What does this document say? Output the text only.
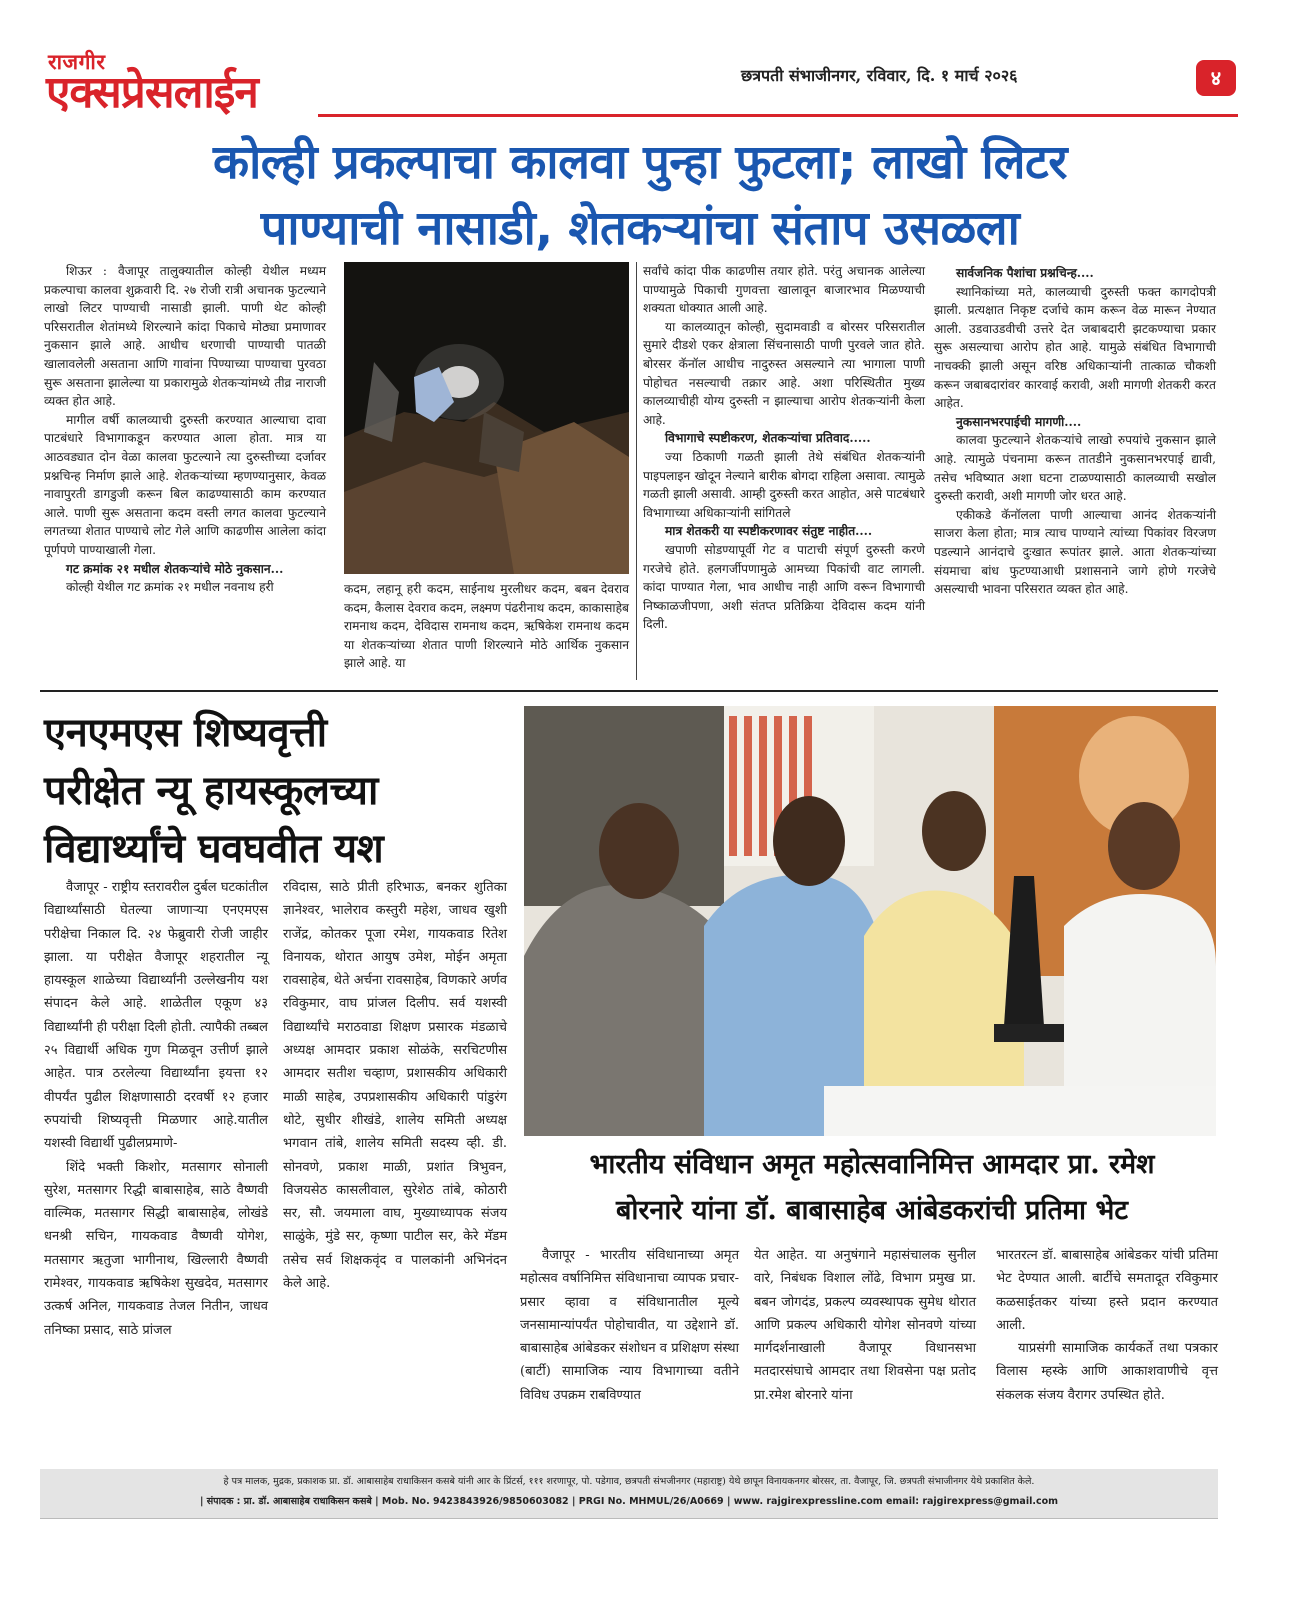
राजगीर
एक्सप्रेसलाईन	छत्रपती संभाजीनगर, रविवार, दि. १ मार्च २०२६	४
कोल्ही प्रकल्पाचा कालवा पुन्हा फुटला; लाखो लिटर
पाण्याची नासाडी, शेतकऱ्यांचा संताप उसळला

शिऊर : वैजापूर तालुक्यातील कोल्ही येथील मध्यम प्रकल्पाचा कालवा शुक्रवारी दि. २७ रोजी रात्री अचानक फुटल्याने लाखो लिटर पाण्याची नासाडी झाली. पाणी थेट कोल्ही परिसरातील शेतांमध्ये शिरल्याने कांदा पिकाचे मोठ्या प्रमाणावर नुकसान झाले आहे. आधीच धरणाची पाण्याची पातळी खालावलेली असताना आणि गावांना पिण्याच्या पाण्याचा पुरवठा सुरू असताना झालेल्या या प्रकारामुळे शेतकऱ्यांमध्ये तीव्र नाराजी व्यक्त होत आहे.

मागील वर्षी कालव्याची दुरुस्ती करण्यात आल्याचा दावा पाटबंधारे विभागाकडून करण्यात आला होता. मात्र या आठवड्यात दोन वेळा कालवा फुटल्याने त्या दुरुस्तीच्या दर्जावर प्रश्नचिन्ह निर्माण झाले आहे. शेतकऱ्यांच्या म्हणण्यानुसार, केवळ नावापुरती डागडुजी करून बिल काढण्यासाठी काम करण्यात आले. पाणी सुरू असताना कदम वस्ती लगत कालवा फुटल्याने लगतच्या शेतात पाण्याचे लोट गेले आणि काढणीस आलेला कांदा पूर्णपणे पाण्याखाली गेला.

गट क्रमांक २१ मधील शेतकऱ्यांचे मोठे नुकसान...

कोल्ही येथील गट क्रमांक २१ मधील नवनाथ हरी	कदम, लहानू हरी कदम, साईनाथ मुरलीधर कदम, बबन देवराव कदम, कैलास देवराव कदम, लक्ष्मण पंढरीनाथ कदम, काकासाहेब रामनाथ कदम, देविदास रामनाथ कदम, ऋषिकेश रामनाथ कदम या शेतकऱ्यांच्या शेतात पाणी शिरल्याने मोठे आर्थिक नुकसान झाले आहे. या

सर्वांचे कांदा पीक काढणीस तयार होते. परंतु अचानक आलेल्या पाण्यामुळे पिकाची गुणवत्ता खालावून बाजारभाव मिळण्याची शक्यता धोक्यात आली आहे.

या कालव्यातून कोल्ही, सुदामवाडी व बोरसर परिसरातील सुमारे दीडशे एकर क्षेत्राला सिंचनासाठी पाणी पुरवले जात होते. बोरसर कॅनॉल आधीच नादुरुस्त असल्याने त्या भागाला पाणी पोहोचत नसल्याची तक्रार आहे. अशा परिस्थितीत मुख्य कालव्याचीही योग्य दुरुस्ती न झाल्याचा आरोप शेतकऱ्यांनी केला आहे.

विभागाचे स्पष्टीकरण, शेतकऱ्यांचा प्रतिवाद.....

ज्या ठिकाणी गळती झाली तेथे संबंधित शेतकऱ्यांनी पाइपलाइन खोदून नेल्याने बारीक बोगदा राहिला असावा. त्यामुळे गळती झाली असावी. आम्ही दुरुस्ती करत आहोत, असे पाटबंधारे विभागाच्या अधिकाऱ्यांनी सांगितले

मात्र शेतकरी या स्पष्टीकरणावर संतुष्ट नाहीत....

खपाणी सोडण्यापूर्वी गेट व पाटाची संपूर्ण दुरुस्ती करणे गरजेचे होते. हलगर्जीपणामुळे आमच्या पिकांची वाट लागली. कांदा पाण्यात गेला, भाव आधीच नाही आणि वरून विभागाची निष्काळजीपणा, अशी संतप्त प्रतिक्रिया देविदास कदम यांनी दिली.

सार्वजनिक पैशांचा प्रश्नचिन्ह....

स्थानिकांच्या मते, कालव्याची दुरुस्ती फक्त कागदोपत्री झाली. प्रत्यक्षात निकृष्ट दर्जाचे काम करून वेळ मारून नेण्यात आली. उडवाउडवीची उत्तरे देत जबाबदारी झटकण्याचा प्रकार सुरू असल्याचा आरोप होत आहे. यामुळे संबंधित विभागाची नाचक्की झाली असून वरिष्ठ अधिकाऱ्यांनी तात्काळ चौकशी करून जबाबदारांवर कारवाई करावी, अशी मागणी शेतकरी करत आहेत.

नुकसानभरपाईची मागणी....

कालवा फुटल्याने शेतकऱ्यांचे लाखो रुपयांचे नुकसान झाले आहे. त्यामुळे पंचनामा करून तातडीने नुकसानभरपाई द्यावी, तसेच भविष्यात अशा घटना टाळण्यासाठी कालव्याची सखोल दुरुस्ती करावी, अशी मागणी जोर धरत आहे.

एकीकडे कॅनॉलला पाणी आल्याचा आनंद शेतकऱ्यांनी साजरा केला होता; मात्र त्याच पाण्याने त्यांच्या पिकांवर विरजण पडल्याने आनंदाचे दुःखात रूपांतर झाले. आता शेतकऱ्यांच्या संयमाचा बांध फुटण्याआधी प्रशासनाने जागे होणे गरजेचे असल्याची भावना परिसरात व्यक्त होत आहे.

एनएमएस शिष्यवृत्ती
परीक्षेत न्यू हायस्कूलच्या
विद्यार्थ्यांचे घवघवीत यश

वैजापूर - राष्ट्रीय स्तरावरील दुर्बल घटकांतील विद्यार्थ्यांसाठी घेतल्या जाणाऱ्या एनएमएस परीक्षेचा निकाल दि. २४ फेब्रुवारी रोजी जाहीर झाला. या परीक्षेत वैजापूर शहरातील न्यू हायस्कूल शाळेच्या विद्यार्थ्यांनी उल्लेखनीय यश संपादन केले आहे. शाळेतील एकूण ४३ विद्यार्थ्यांनी ही परीक्षा दिली होती. त्यापैकी तब्बल २५ विद्यार्थी अधिक गुण मिळवून उत्तीर्ण झाले आहेत. पात्र ठरलेल्या विद्यार्थ्यांना इयत्ता १२ वीपर्यंत पुढील शिक्षणासाठी दरवर्षी १२ हजार रुपयांची शिष्यवृत्ती मिळणार आहे.यातील यशस्वी विद्यार्थी पुढीलप्रमाणे-

शिंदे भक्ती किशोर, मतसागर सोनाली सुरेश, मतसागर रिद्धी बाबासाहेब, साठे वैष्णवी वाल्मिक, मतसागर सिद्धी बाबासाहेब, लोखंडे धनश्री सचिन, गायकवाड वैष्णवी योगेश, मतसागर ऋतुजा भागीनाथ, खिल्लारी वैष्णवी रामेश्वर, गायकवाड ऋषिकेश सुखदेव, मतसागर उत्कर्ष अनिल, गायकवाड तेजल नितीन, जाधव तनिष्का प्रसाद, साठे प्रांजल

रविदास, साठे प्रीती हरिभाऊ, बनकर शुतिका ज्ञानेश्वर, भालेराव कस्तुरी महेश, जाधव खुशी राजेंद्र, कोतकर पूजा रमेश, गायकवाड रितेश विनायक, थोरात आयुष उमेश, मोईन अमृता रावसाहेब, थेते अर्चना रावसाहेब, विणकारे अर्णव रविकुमार, वाघ प्रांजल दिलीप. सर्व यशस्वी विद्यार्थ्यांचे मराठवाडा शिक्षण प्रसारक मंडळाचे अध्यक्ष आमदार प्रकाश सोळंके, सरचिटणीस आमदार सतीश चव्हाण, प्रशासकीय अधिकारी माळी साहेब, उपप्रशासकीय अधिकारी पांडुरंग थोटे, सुधीर शीखंडे, शालेय समिती अध्यक्ष भगवान तांबे, शालेय समिती सदस्य व्ही. डी. सोनवणे, प्रकाश माळी, प्रशांत त्रिभुवन, विजयसेठ कासलीवाल, सुरेशेठ तांबे, कोठारी सर, सौ. जयमाला वाघ, मुख्याध्यापक संजय साळुंके, मुंडे सर, कृष्णा पाटील सर, केरे मॅडम तसेच सर्व शिक्षकवृंद व पालकांनी अभिनंदन केले आहे.

भारतीय संविधान अमृत महोत्सवानिमित्त आमदार प्रा. रमेश
बोरनारे यांना डॉ. बाबासाहेब आंबेडकरांची प्रतिमा भेट

वैजापूर - भारतीय संविधानाच्या अमृत महोत्सव वर्षानिमित्त संविधानाचा व्यापक प्रचार-प्रसार व्हावा व संविधानातील मूल्ये जनसामान्यांपर्यंत पोहोचावीत, या उद्देशाने डॉ. बाबासाहेब आंबेडकर संशोधन व प्रशिक्षण संस्था (बार्टी) सामाजिक न्याय विभागाच्या वतीने विविध उपक्रम राबविण्यात

येत आहेत. या अनुषंगाने महासंचालक सुनील वारे, निबंधक विशाल लोंढे, विभाग प्रमुख प्रा. बबन जोगदंड, प्रकल्प व्यवस्थापक सुमेध थोरात आणि प्रकल्प अधिकारी योगेश सोनवणे यांच्या मार्गदर्शनाखाली वैजापूर विधानसभा मतदारसंघाचे आमदार तथा शिवसेना पक्ष प्रतोद प्रा.रमेश बोरनारे यांना

भारतरत्न डॉ. बाबासाहेब आंबेडकर यांची प्रतिमा भेट देण्यात आली. बार्टीचे समतादूत रविकुमार कळसाईतकर यांच्या हस्ते प्रदान करण्यात आली.

याप्रसंगी सामाजिक कार्यकर्ते तथा पत्रकार विलास म्हस्के आणि आकाशवाणीचे वृत्त संकलक संजय वैरागर उपस्थित होते.

हे पत्र मालक, मुद्रक, प्रकाशक प्रा. डॉ. आबासाहेब राधाकिसन कसबे यांनी आर के प्रिंटर्स, १११ शरणापूर, पो. पडेगाव, छत्रपती संभजीनगर (महाराष्ट्र) येथे छापून विनायकनगर बोरसर, ता. वैजापूर, जि. छत्रपती संभाजीनगर येथे प्रकाशित केले.
| संपादक : प्रा. डॉ. आबासाहेब राधाकिसन कसबे | Mob. No. 9423843926/9850603082 | PRGI No. MHMUL/26/A0669 | www. rajgirexpressline.com email: rajgirexpress@gmail.com
